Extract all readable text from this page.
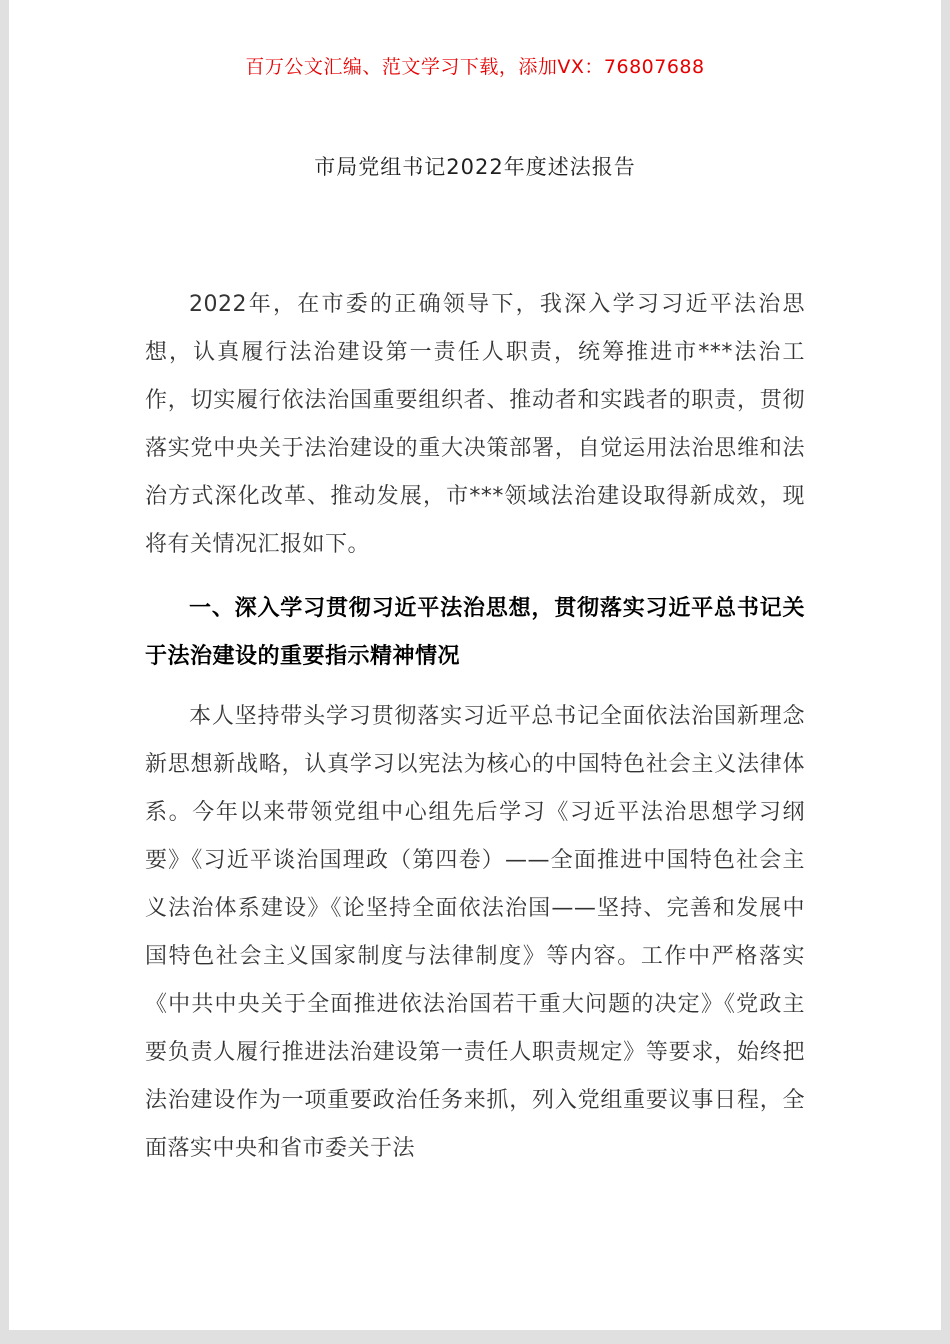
百万公文汇编、范文学习下载，添加VX：76807688
市局党组书记2022年度述法报告

2022年，在市委的正确领导下，我深入学习习近平法治思想，认真履行法治建设第一责任人职责，统筹推进市***法治工作，切实履行依法治国重要组织者、推动者和实践者的职责，贯彻落实党中央关于法治建设的重大决策部署，自觉运用法治思维和法治方式深化改革、推动发展，市***领域法治建设取得新成效，现将有关情况汇报如下。

一、深入学习贯彻习近平法治思想，贯彻落实习近平总书记关于法治建设的重要指示精神情况

本人坚持带头学习贯彻落实习近平总书记全面依法治国新理念新思想新战略，认真学习以宪法为核心的中国特色社会主义法律体系。今年以来带领党组中心组先后学习《习近平法治思想学习纲要》《习近平谈治国理政（第四卷）——全面推进中国特色社会主义法治体系建设》《论坚持全面依法治国——坚持、完善和发展中国特色社会主义国家制度与法律制度》等内容。工作中严格落实《中共中央关于全面推进依法治国若干重大问题的决定》《党政主要负责人履行推进法治建设第一责任人职责规定》等要求，始终把法治建设作为一项重要政治任务来抓，列入党组重要议事日程，全面落实中央和省市委关于法
